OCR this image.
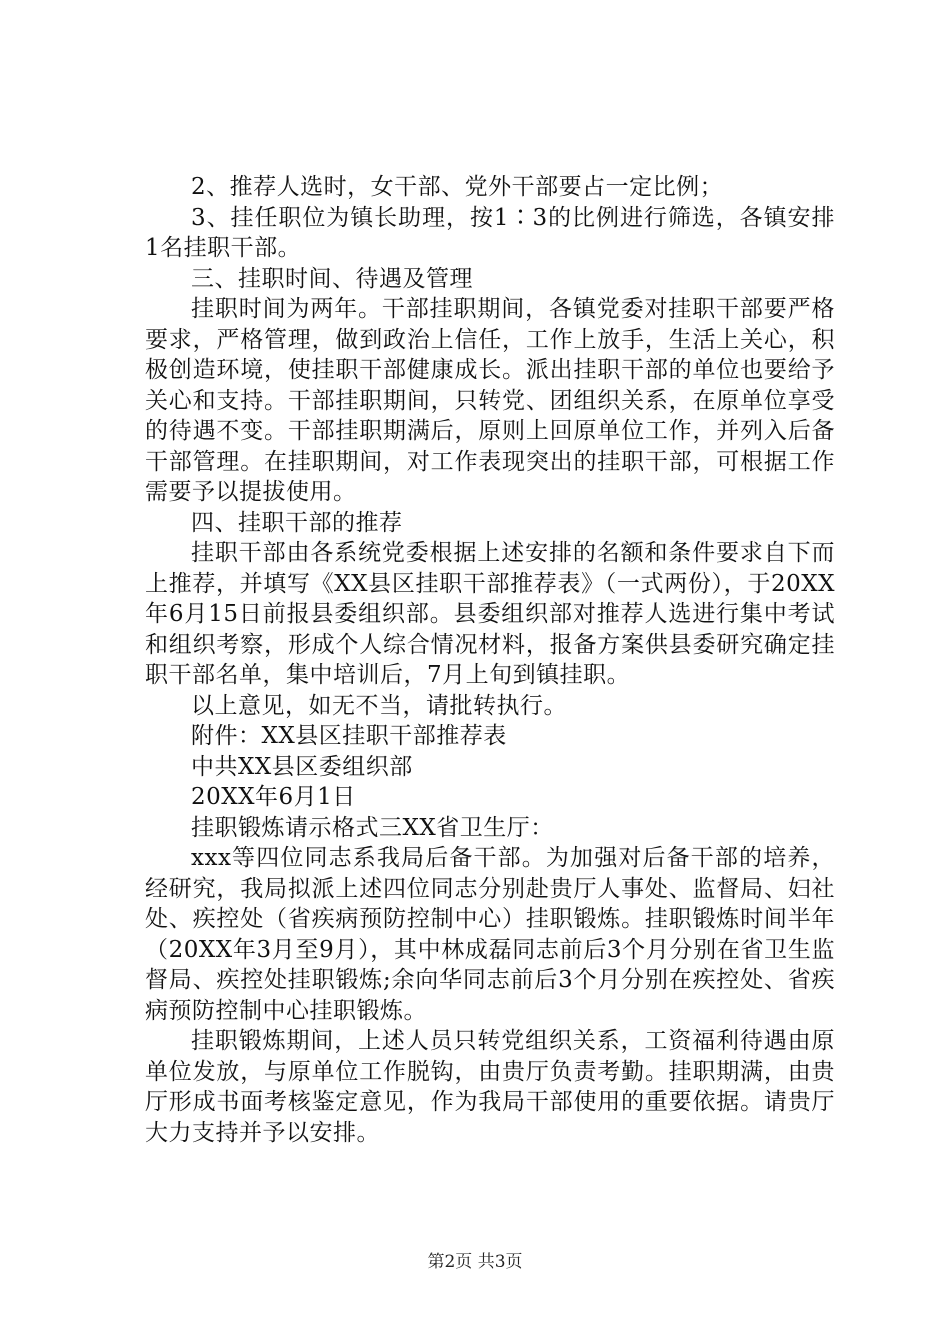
2、推荐人选时，女干部、党外干部要占一定比例；

3、挂任职位为镇长助理，按1∶3的比例进行筛选，各镇安排1名挂职干部。

三、挂职时间、待遇及管理

挂职时间为两年。干部挂职期间，各镇党委对挂职干部要严格要求，严格管理，做到政治上信任，工作上放手，生活上关心，积极创造环境，使挂职干部健康成长。派出挂职干部的单位也要给予关心和支持。干部挂职期间，只转党、团组织关系，在原单位享受的待遇不变。干部挂职期满后，原则上回原单位工作，并列入后备干部管理。在挂职期间，对工作表现突出的挂职干部，可根据工作需要予以提拔使用。

四、挂职干部的推荐

挂职干部由各系统党委根据上述安排的名额和条件要求自下而上推荐，并填写《XX县区挂职干部推荐表》（一式两份），于20XX年6月15日前报县委组织部。县委组织部对推荐人选进行集中考试和组织考察，形成个人综合情况材料，报备方案供县委研究确定挂职干部名单，集中培训后，7月上旬到镇挂职。

以上意见，如无不当，请批转执行。

附件：XX县区挂职干部推荐表

中共XX县区委组织部

20XX年6月1日

挂职锻炼请示格式三XX省卫生厅：

xxx等四位同志系我局后备干部。为加强对后备干部的培养，经研究，我局拟派上述四位同志分别赴贵厅人事处、监督局、妇社处、疾控处（省疾病预防控制中心）挂职锻炼。挂职锻炼时间半年（20XX年3月至9月），其中林成磊同志前后3个月分别在省卫生监督局、疾控处挂职锻炼;余向华同志前后3个月分别在疾控处、省疾病预防控制中心挂职锻炼。

挂职锻炼期间，上述人员只转党组织关系，工资福利待遇由原单位发放，与原单位工作脱钩，由贵厅负责考勤。挂职期满，由贵厅形成书面考核鉴定意见，作为我局干部使用的重要依据。请贵厅大力支持并予以安排。

第2页 共3页
